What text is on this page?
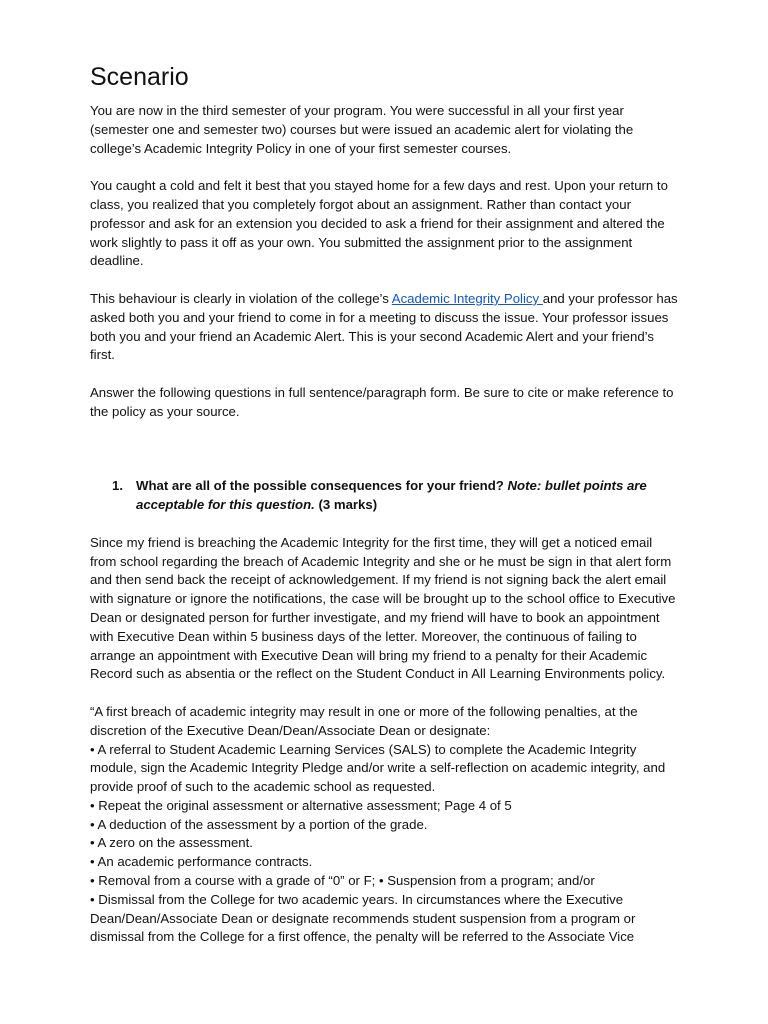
Scenario

You are now in the third semester of your program. You were successful in all your first year (semester one and semester two) courses but were issued an academic alert for violating the college’s Academic Integrity Policy in one of your first semester courses.

You caught a cold and felt it best that you stayed home for a few days and rest. Upon your return to class, you realized that you completely forgot about an assignment. Rather than contact your professor and ask for an extension you decided to ask a friend for their assignment and altered the work slightly to pass it off as your own. You submitted the assignment prior to the assignment deadline.

This behaviour is clearly in violation of the college’s Academic Integrity Policy and your professor has asked both you and your friend to come in for a meeting to discuss the issue. Your professor issues both you and your friend an Academic Alert. This is your second Academic Alert and your friend’s first.

Answer the following questions in full sentence/paragraph form. Be sure to cite or make reference to the policy as your source.

1. What are all of the possible consequences for your friend? Note: bullet points are acceptable for this question. (3 marks)

Since my friend is breaching the Academic Integrity for the first time, they will get a noticed email from school regarding the breach of Academic Integrity and she or he must be sign in that alert form and then send back the receipt of acknowledgement. If my friend is not signing back the alert email with signature or ignore the notifications, the case will be brought up to the school office to Executive Dean or designated person for further investigate, and my friend will have to book an appointment with Executive Dean within 5 business days of the letter. Moreover, the continuous of failing to arrange an appointment with Executive Dean will bring my friend to a penalty for their Academic Record such as absentia or the reflect on the Student Conduct in All Learning Environments policy.

“A first breach of academic integrity may result in one or more of the following penalties, at the discretion of the Executive Dean/Dean/Associate Dean or designate:
• A referral to Student Academic Learning Services (SALS) to complete the Academic Integrity module, sign the Academic Integrity Pledge and/or write a self-reflection on academic integrity, and provide proof of such to the academic school as requested.
• Repeat the original assessment or alternative assessment; Page 4 of 5
• A deduction of the assessment by a portion of the grade.
• A zero on the assessment.
• An academic performance contracts.
• Removal from a course with a grade of “0” or F; • Suspension from a program; and/or
• Dismissal from the College for two academic years. In circumstances where the Executive Dean/Dean/Associate Dean or designate recommends student suspension from a program or dismissal from the College for a first offence, the penalty will be referred to the Associate Vice
